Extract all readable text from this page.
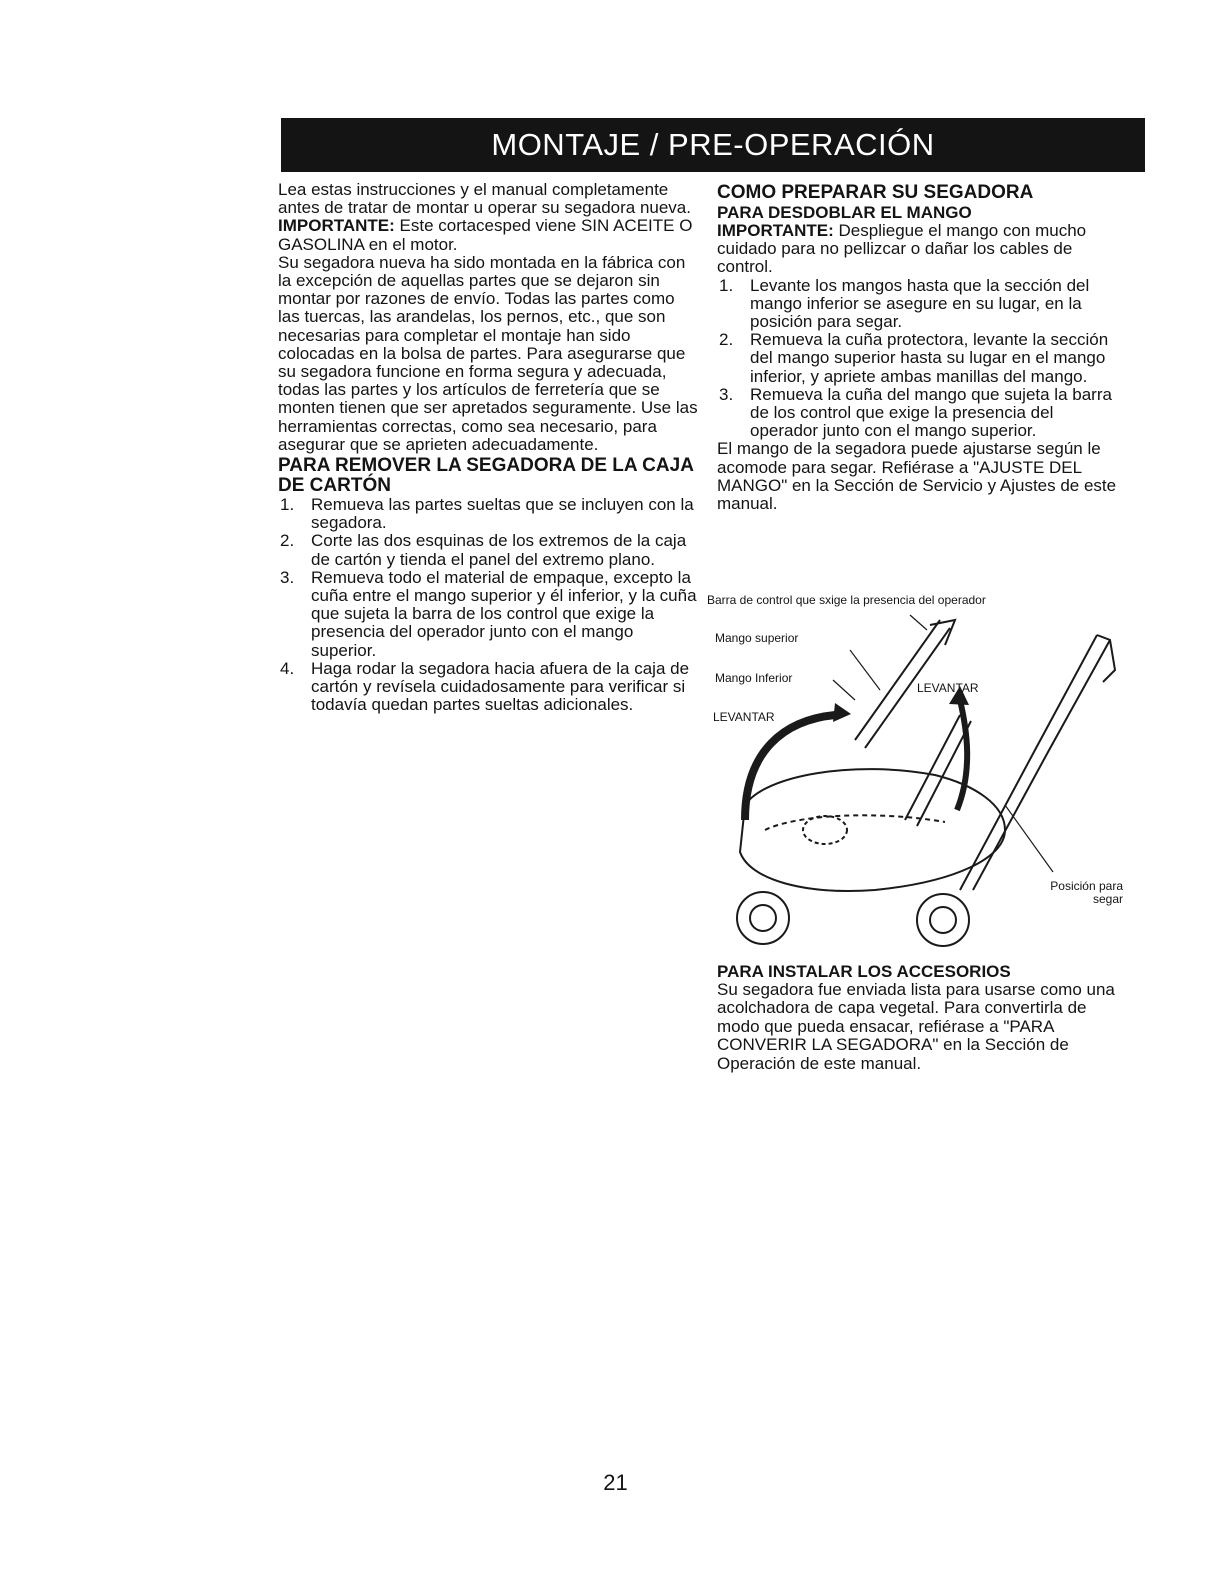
MONTAJE / PRE-OPERACIÓN

Lea estas instrucciones y el manual completamente antes de tratar de montar u operar su segadora nueva.

IMPORTANTE: Este cortacesped viene SIN ACEITE O GASOLINA en el motor.

Su segadora nueva ha sido montada en la fábrica con la excepción de aquellas partes que se dejaron sin montar por razones de envío. Todas las partes como las tuercas, las arandelas, los pernos, etc., que son necesarias para completar el montaje han sido colocadas en la bolsa de partes. Para asegurarse que su segadora funcione en forma segura y adecuada, todas las partes y los artículos de ferretería que se monten tienen que ser apretados seguramente. Use las herramientas correctas, como sea necesario, para asegurar que se aprieten adecuadamente.

PARA REMOVER LA SEGADORA DE LA CAJA DE CARTÓN
1. Remueva las partes sueltas que se incluyen con la segadora.
2. Corte las dos esquinas de los extremos de la caja de cartón y tienda el panel del extremo plano.
3. Remueva todo el material de empaque, excepto la cuña entre el mango superior y él inferior, y la cuña que sujeta la barra de los control que exige la presencia del operador junto con el mango superior.
4. Haga rodar la segadora hacia afuera de la caja de cartón y revísela cuidadosamente para verificar si todavía quedan partes sueltas adicionales.
COMO PREPARAR SU SEGADORA
PARA DESDOBLAR EL MANGO

IMPORTANTE: Despliegue el mango con mucho cuidado para no pellizcar o dañar los cables de control.

1. Levante los mangos hasta que la sección del mango inferior se asegure en su lugar, en la posición para segar.
2. Remueva la cuña protectora, levante la sección del mango superior hasta su lugar en el mango inferior, y apriete ambas manillas del mango.
3. Remueva la cuña del mango que sujeta la barra de los control que exige la presencia del operador junto con el mango superior.

El mango de la segadora puede ajustarse según le acomode para segar. Refiérase a "AJUSTE DEL MANGO" en la Sección de Servicio y Ajustes de este manual.

Barra de control que sxige la presencia del operador
Mango superior
Mango Inferior
LEVANTAR
LEVANTAR
Posición para segar
PARA INSTALAR LOS ACCESORIOS

Su segadora fue enviada lista para usarse como una acolchadora de capa vegetal. Para convertirla de modo que pueda ensacar, refiérase a "PARA CONVERIR LA SEGADORA" en la Sección de Operación de este manual.

21
